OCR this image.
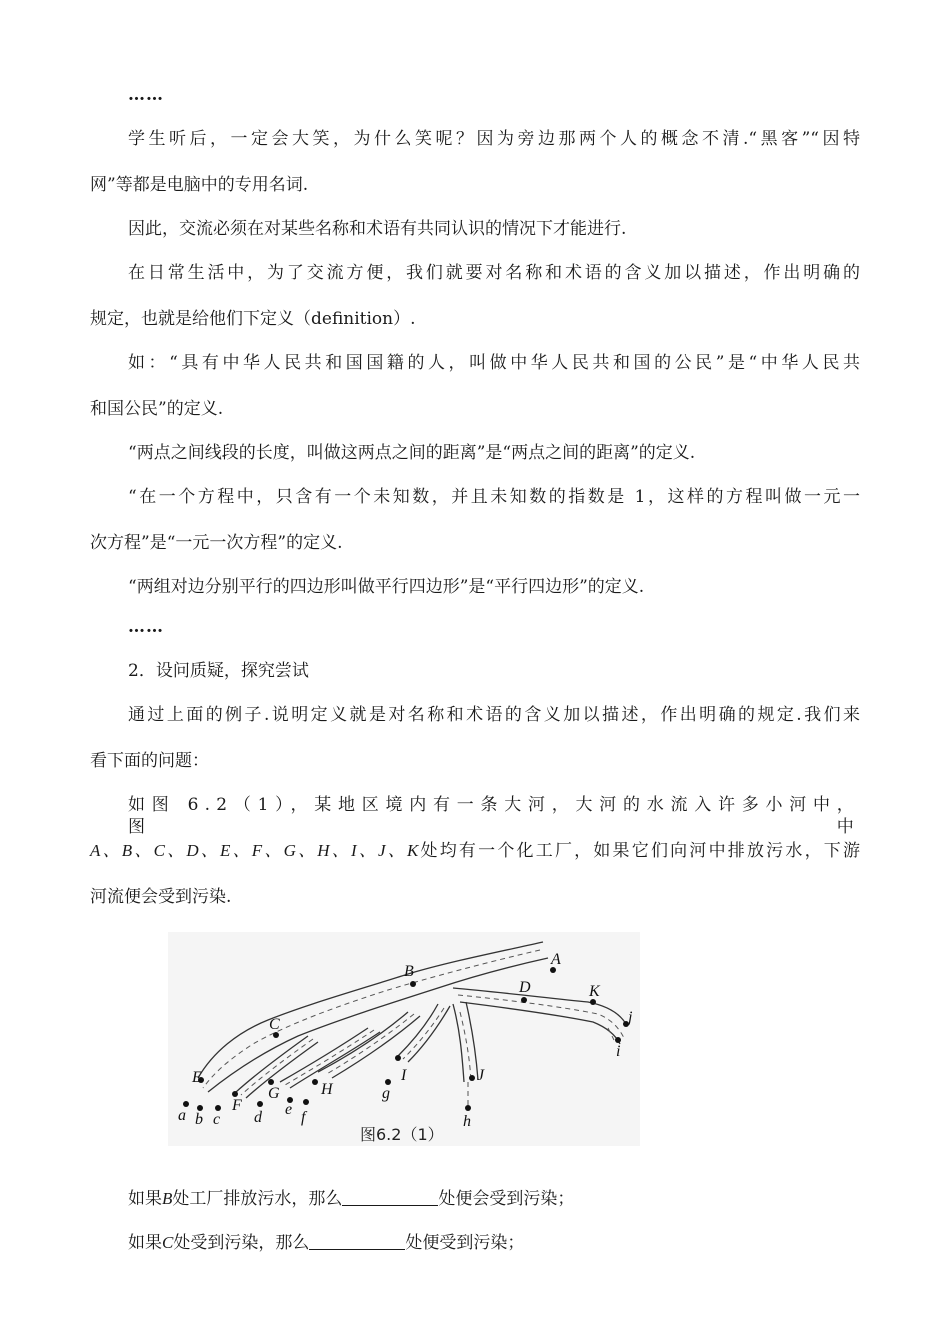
……
学生听后，一定会大笑，为什么笑呢？因为旁边那两个人的概念不清.“黑客”“因特
网”等都是电脑中的专用名词.
因此，交流必须在对某些名称和术语有共同认识的情况下才能进行.
在日常生活中，为了交流方便，我们就要对名称和术语的含义加以描述，作出明确的
规定，也就是给他们下定义（definition）.
如：“具有中华人民共和国国籍的人，叫做中华人民共和国的公民”是“中华人民共
和国公民”的定义.
“两点之间线段的长度，叫做这两点之间的距离”是“两点之间的距离”的定义.
“在一个方程中，只含有一个未知数，并且未知数的指数是 1，这样的方程叫做一元一
次方程”是“一元一次方程”的定义.
“两组对边分别平行的四边形叫做平行四边形”是“平行四边形”的定义.
……
2．设问质疑，探究尝试
通过上面的例子.说明定义就是对名称和术语的含义加以描述，作出明确的规定.我们来
看下面的问题：
如图 6.2（1），某地区境内有一条大河，大河的水流入许多小河中，图中
A、B、C、D、E、F、G、H、I、J、K处均有一个化工厂，如果它们向河中排放污水，下游
河流便会受到污染.
如果B处工厂排放污水，那么	处便会受到污染；
如果C处受到污染，那么	处便受到污染；
A
B
C
D
E
F
G	H
I	J
K
a b c d e f
g
h
i
j
图6.2（1）
